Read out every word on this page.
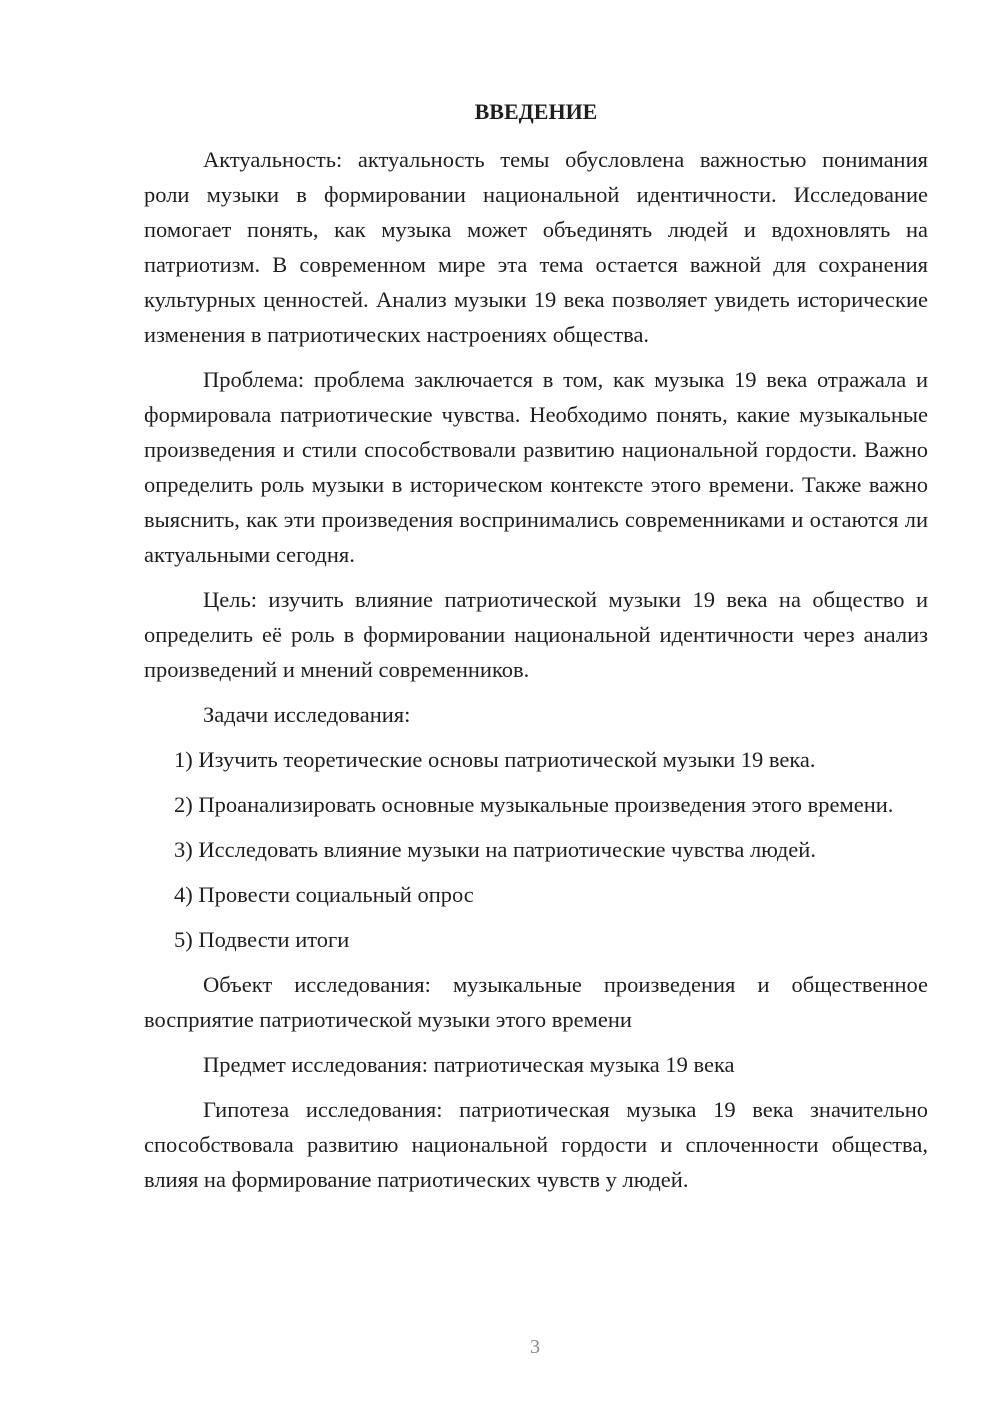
ВВЕДЕНИЕ

Актуальность: актуальность темы обусловлена важностью понимания роли музыки в формировании национальной идентичности. Исследование помогает понять, как музыка может объединять людей и вдохновлять на патриотизм. В современном мире эта тема остается важной для сохранения культурных ценностей. Анализ музыки 19 века позволяет увидеть исторические изменения в патриотических настроениях общества.

Проблема: проблема заключается в том, как музыка 19 века отражала и формировала патриотические чувства. Необходимо понять, какие музыкальные произведения и стили способствовали развитию национальной гордости. Важно определить роль музыки в историческом контексте этого времени. Также важно выяснить, как эти произведения воспринимались современниками и остаются ли актуальными сегодня.

Цель: изучить влияние патриотической музыки 19 века на общество и определить её роль в формировании национальной идентичности через анализ произведений и мнений современников.

Задачи исследования:

1) Изучить теоретические основы патриотической музыки 19 века.

2) Проанализировать основные музыкальные произведения этого времени.

3) Исследовать влияние музыки на патриотические чувства людей.

4) Провести социальный опрос

5) Подвести итоги

Объект исследования: музыкальные произведения и общественное восприятие патриотической музыки этого времени

Предмет исследования: патриотическая музыка 19 века

Гипотеза исследования: патриотическая музыка 19 века значительно способствовала развитию национальной гордости и сплоченности общества, влияя на формирование патриотических чувств у людей.

3
